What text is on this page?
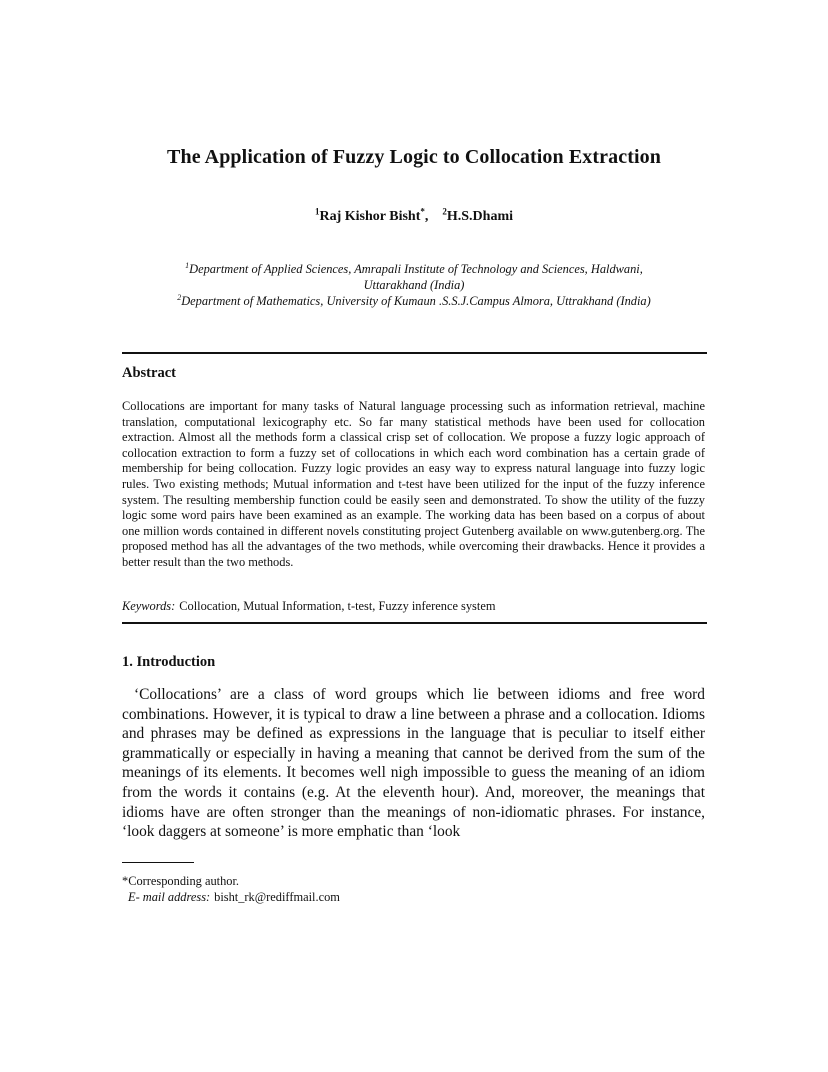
The Application of Fuzzy Logic to Collocation Extraction
$^1$Raj Kishor Bisht*, $^2$H.S.Dhami
$^1$Department of Applied Sciences, Amrapali Institute of Technology and Sciences, Haldwani,
Uttarakhand (India)
$^2$Department of Mathematics, University of Kumaun .S.S.J.Campus Almora, Uttrakhand (India)
Abstract

Collocations are important for many tasks of Natural language processing such as information retrieval, machine translation, computational lexicography etc. So far many statistical methods have been used for collocation extraction. Almost all the methods form a classical crisp set of collocation. We propose a fuzzy logic approach of collocation extraction to form a fuzzy set of collocations in which each word combination has a certain grade of membership for being collocation. Fuzzy logic provides an easy way to express natural language into fuzzy logic rules. Two existing methods; Mutual information and t-test have been utilized for the input of the fuzzy inference system. The resulting membership function could be easily seen and demonstrated. To show the utility of the fuzzy logic some word pairs have been examined as an example. The working data has been based on a corpus of about one million words contained in different novels constituting project Gutenberg available on www.gutenberg.org. The proposed method has all the advantages of the two methods, while overcoming their drawbacks. Hence it provides a better result than the two methods.

Keywords: Collocation, Mutual Information, t-test, Fuzzy inference system
1. Introduction

‘Collocations’ are a class of word groups which lie between idioms and free word combinations. However, it is typical to draw a line between a phrase and a collocation. Idioms and phrases may be defined as expressions in the language that is peculiar to itself either grammatically or especially in having a meaning that cannot be derived from the sum of the meanings of its elements. It becomes well nigh impossible to guess the meaning of an idiom from the words it contains (e.g. At the eleventh hour). And, moreover, the meanings that idioms have are often stronger than the meanings of non-idiomatic phrases. For instance, ‘look daggers at someone’ is more emphatic than ‘look

*Corresponding author.
E- mail address: bisht_rk@rediffmail.com
